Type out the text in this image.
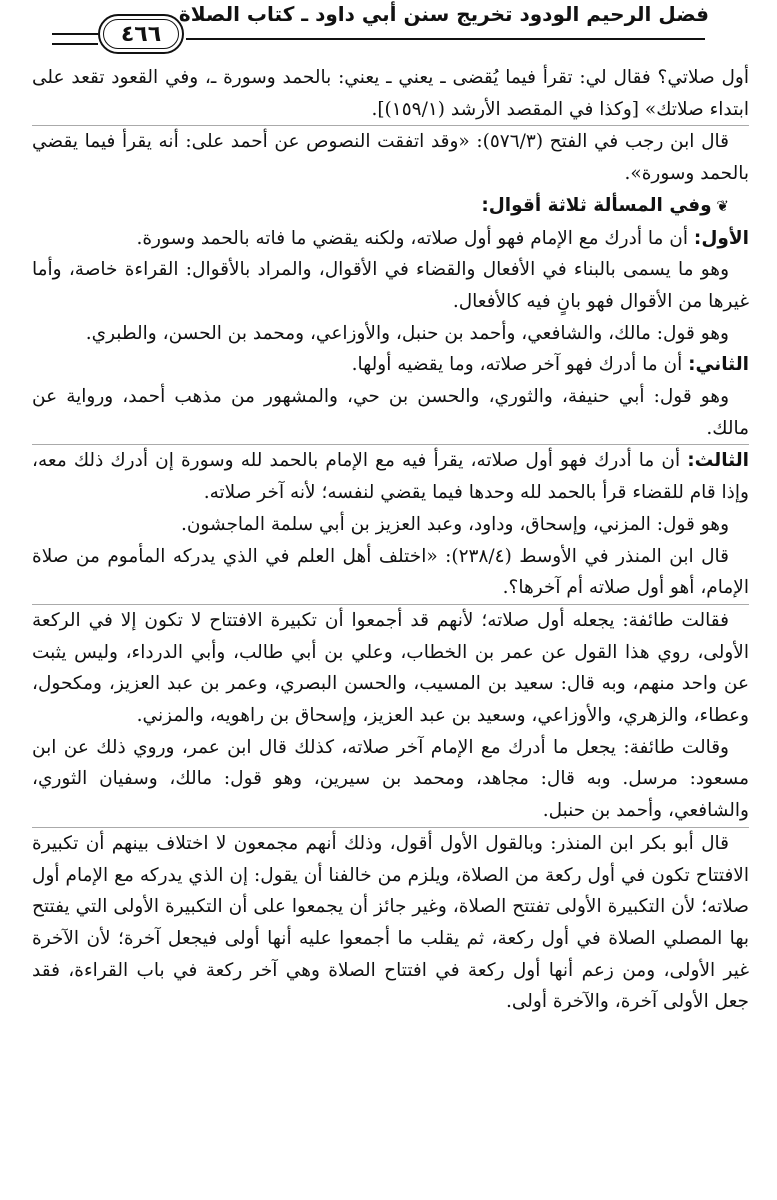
فضل الرحيم الودود تخريج سنن أبي داود ـ كتاب الصلاة
٤٦٦

أول صلاتي؟ فقال لي: تقرأ فيما يُقضى ـ يعني ـ يعني: بالحمد وسورة ـ، وفي القعود تقعد على ابتداء صلاتك» [وكذا في المقصد الأرشد (١٥٩/١)].

قال ابن رجب في الفتح (٥٧٦/٣): «وقد اتفقت النصوص عن أحمد على: أنه يقرأ فيما يقضي بالحمد وسورة».

❦ وفي المسألة ثلاثة أقوال:

الأول: أن ما أدرك مع الإمام فهو أول صلاته، ولكنه يقضي ما فاته بالحمد وسورة.

وهو ما يسمى بالبناء في الأفعال والقضاء في الأقوال، والمراد بالأقوال: القراءة خاصة، وأما غيرها من الأقوال فهو بانٍ فيه كالأفعال.

وهو قول: مالك، والشافعي، وأحمد بن حنبل، والأوزاعي، ومحمد بن الحسن، والطبري.

الثاني: أن ما أدرك فهو آخر صلاته، وما يقضيه أولها.

وهو قول: أبي حنيفة، والثوري، والحسن بن حي، والمشهور من مذهب أحمد، ورواية عن مالك.

الثالث: أن ما أدرك فهو أول صلاته، يقرأ فيه مع الإمام بالحمد لله وسورة إن أدرك ذلك معه، وإذا قام للقضاء قرأ بالحمد لله وحدها فيما يقضي لنفسه؛ لأنه آخر صلاته.

وهو قول: المزني، وإسحاق، وداود، وعبد العزيز بن أبي سلمة الماجشون.

قال ابن المنذر في الأوسط (٢٣٨/٤): «اختلف أهل العلم في الذي يدركه المأموم من صلاة الإمام، أهو أول صلاته أم آخرها؟.

فقالت طائفة: يجعله أول صلاته؛ لأنهم قد أجمعوا أن تكبيرة الافتتاح لا تكون إلا في الركعة الأولى، روي هذا القول عن عمر بن الخطاب، وعلي بن أبي طالب، وأبي الدرداء، وليس يثبت عن واحد منهم، وبه قال: سعيد بن المسيب، والحسن البصري، وعمر بن عبد العزيز، ومكحول، وعطاء، والزهري، والأوزاعي، وسعيد بن عبد العزيز، وإسحاق بن راهويه، والمزني.

وقالت طائفة: يجعل ما أدرك مع الإمام آخر صلاته، كذلك قال ابن عمر، وروي ذلك عن ابن مسعود: مرسل. وبه قال: مجاهد، ومحمد بن سيرين، وهو قول: مالك، وسفيان الثوري، والشافعي، وأحمد بن حنبل.

قال أبو بكر ابن المنذر: وبالقول الأول أقول، وذلك أنهم مجمعون لا اختلاف بينهم أن تكبيرة الافتتاح تكون في أول ركعة من الصلاة، ويلزم من خالفنا أن يقول: إن الذي يدركه مع الإمام أول صلاته؛ لأن التكبيرة الأولى تفتتح الصلاة، وغير جائز أن يجمعوا على أن التكبيرة الأولى التي يفتتح بها المصلي الصلاة في أول ركعة، ثم يقلب ما أجمعوا عليه أنها أولى فيجعل آخرة؛ لأن الآخرة غير الأولى، ومن زعم أنها أول ركعة في افتتاح الصلاة وهي آخر ركعة في باب القراءة، فقد جعل الأولى آخرة، والآخرة أولى.
